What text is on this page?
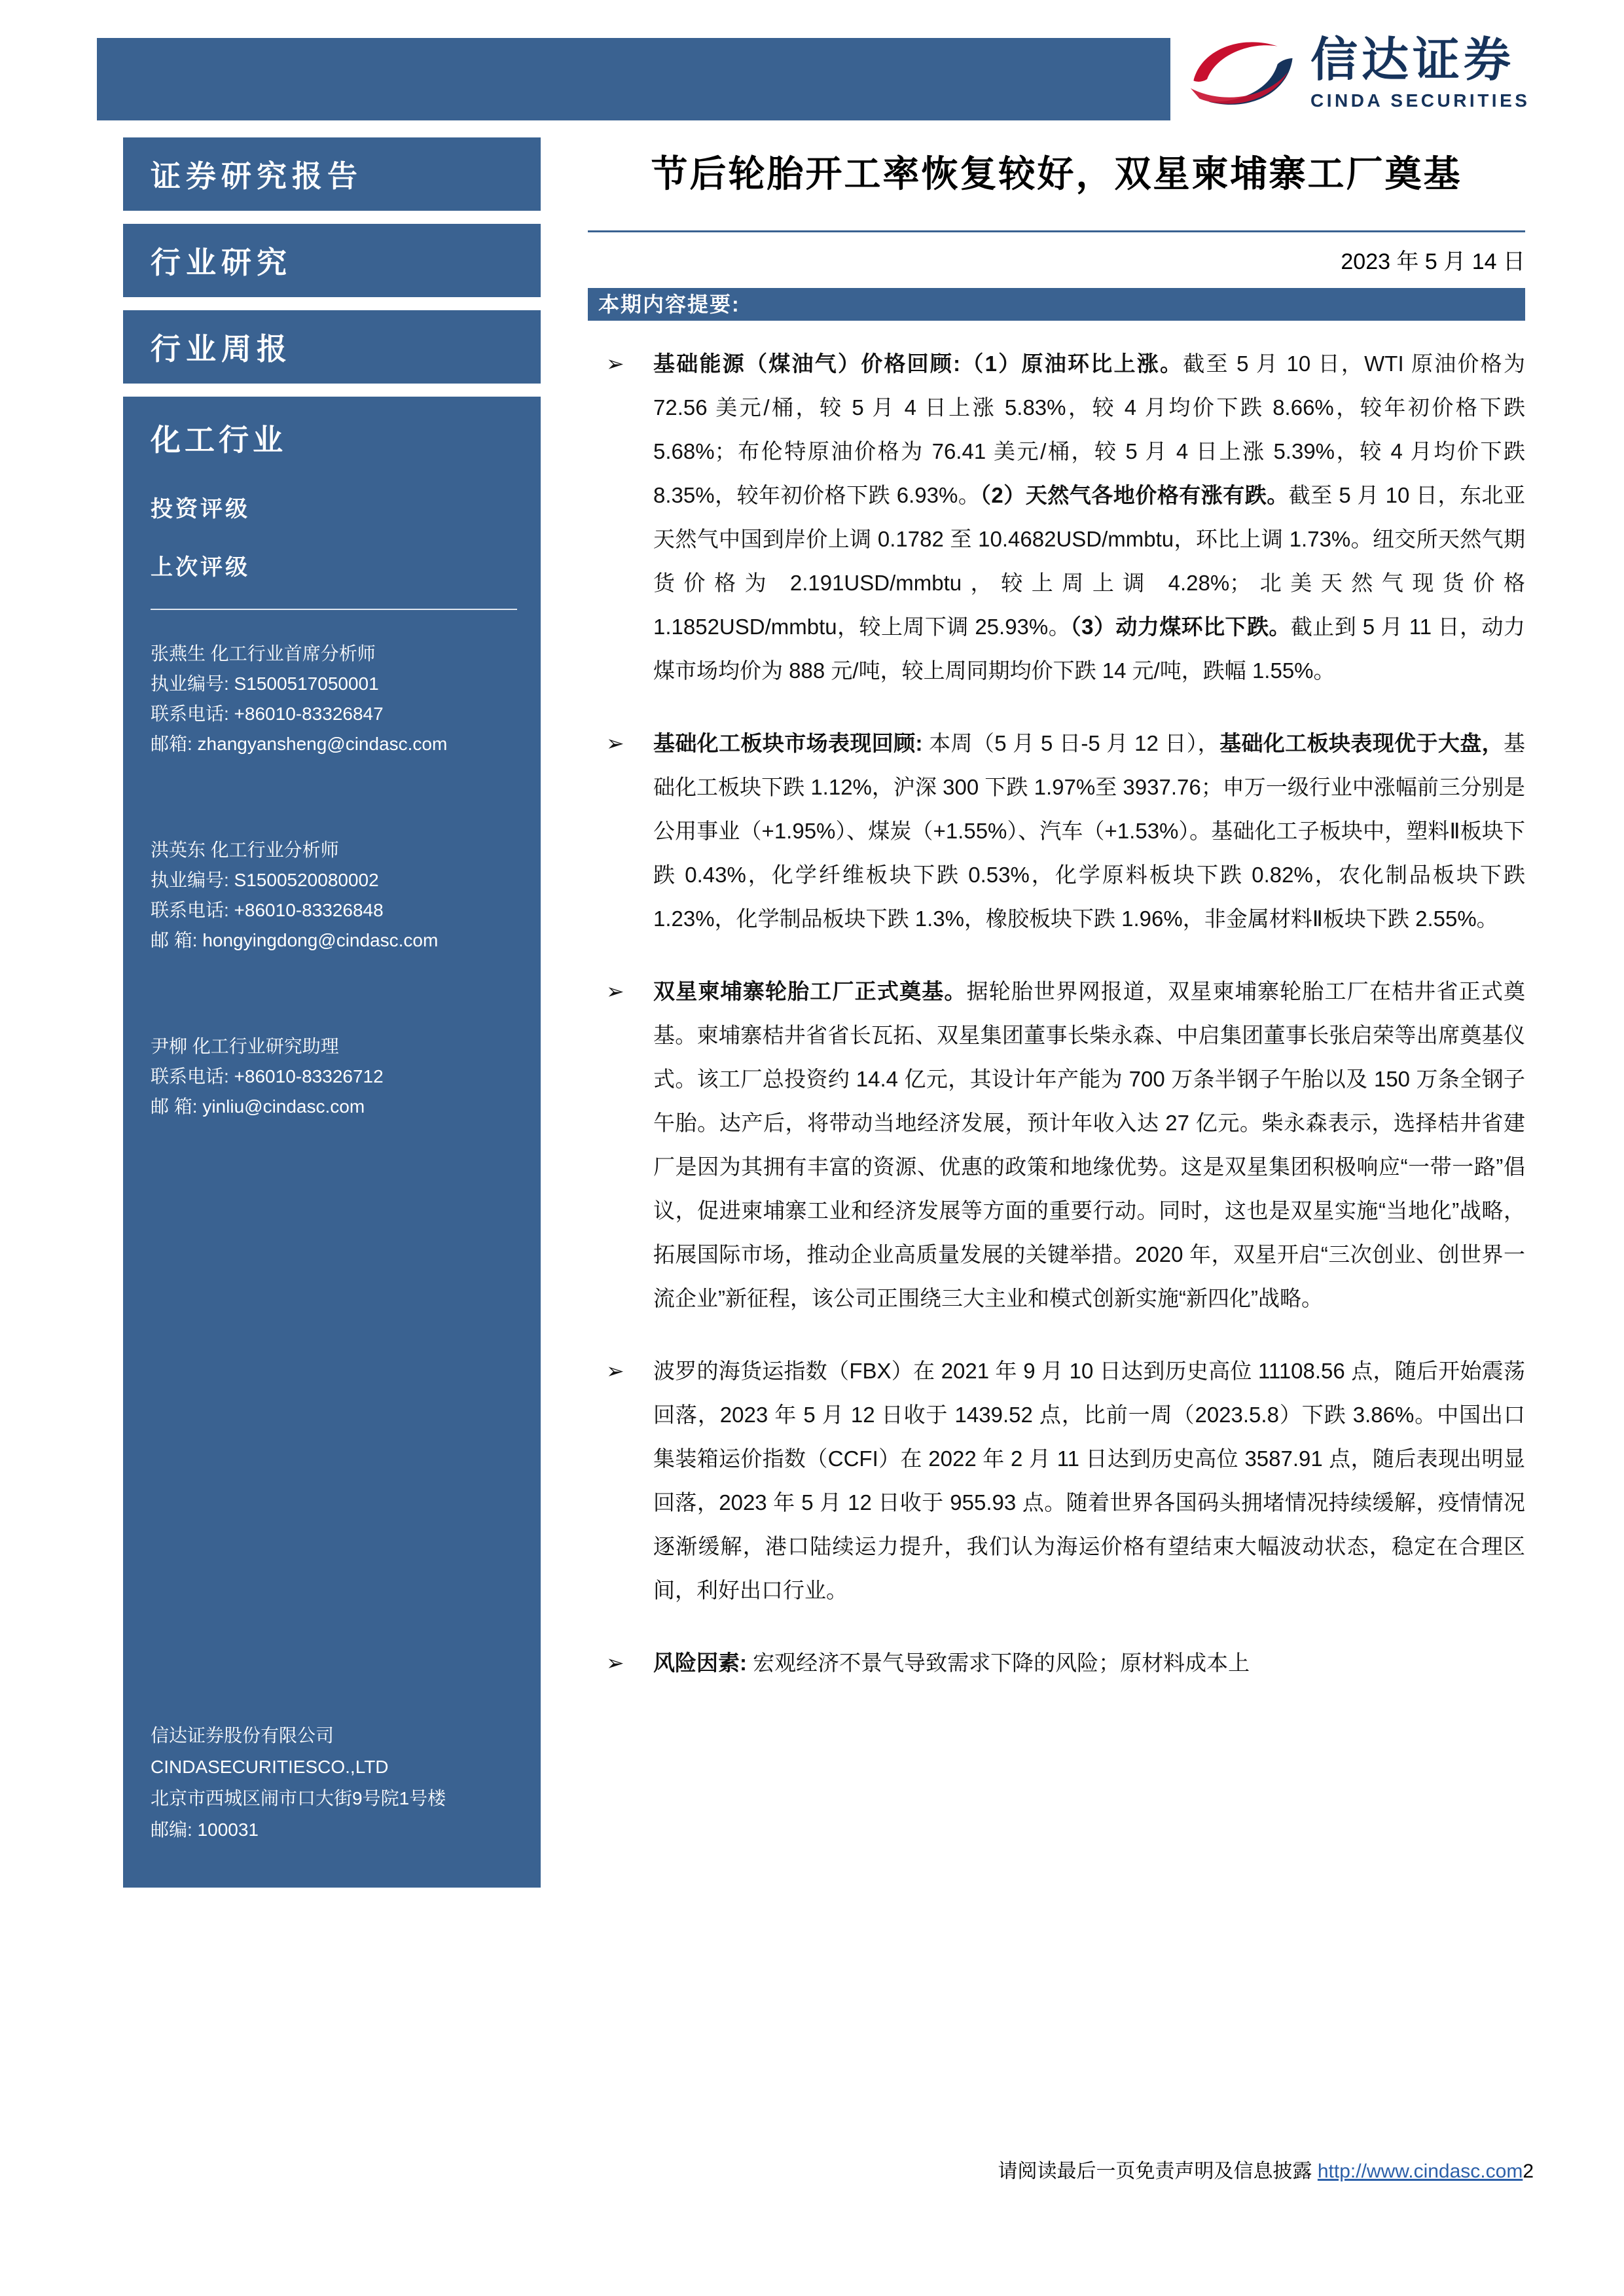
信达证券
CINDA SECURITIES
证券研究报告
行业研究
行业周报
化工行业
投资评级
上次评级
张燕生 化工行业首席分析师
执业编号: S1500517050001
联系电话: +86010-83326847
邮箱: zhangyansheng@cindasc.com
洪英东 化工行业分析师
执业编号: S1500520080002
联系电话: +86010-83326848
邮 箱: hongyingdong@cindasc.com
尹柳 化工行业研究助理
联系电话: +86010-83326712
邮 箱: yinliu@cindasc.com
信达证券股份有限公司
CINDASECURITIESCO.,LTD
北京市西城区闹市口大街9号院1号楼
邮编: 100031
节后轮胎开工率恢复较好，双星柬埔寨工厂奠基
2023 年 5 月 14 日
本期内容提要:
➢	基础能源（煤油气）价格回顾:（1）原油环比上涨。截至 5 月 10 日，WTI 原油价格为 72.56 美元/桶，较 5 月 4 日上涨 5.83%，较 4 月均价下跌 8.66%，较年初价格下跌 5.68%；布伦特原油价格为 76.41 美元/桶，较 5 月 4 日上涨 5.39%，较 4 月均价下跌 8.35%，较年初价格下跌 6.93%。（2）天然气各地价格有涨有跌。截至 5 月 10 日，东北亚天然气中国到岸价上调 0.1782 至 10.4682USD/mmbtu，环比上调 1.73%。纽交所天然气期货价格为 2.191USD/mmbtu，较上周上调 4.28%；北美天然气现货价格 1.1852USD/mmbtu，较上周下调 25.93%。（3）动力煤环比下跌。截止到 5 月 11 日，动力煤市场均价为 888 元/吨，较上周同期均价下跌 14 元/吨，跌幅 1.55%。
➢	基础化工板块市场表现回顾: 本周（5 月 5 日-5 月 12 日），基础化工板块表现优于大盘，基础化工板块下跌 1.12%，沪深 300 下跌 1.97%至 3937.76；申万一级行业中涨幅前三分别是公用事业（+1.95%）、煤炭（+1.55%）、汽车（+1.53%）。基础化工子板块中，塑料Ⅱ板块下跌 0.43%，化学纤维板块下跌 0.53%，化学原料板块下跌 0.82%，农化制品板块下跌 1.23%，化学制品板块下跌 1.3%，橡胶板块下跌 1.96%，非金属材料Ⅱ板块下跌 2.55%。
➢	双星柬埔寨轮胎工厂正式奠基。据轮胎世界网报道，双星柬埔寨轮胎工厂在桔井省正式奠基。柬埔寨桔井省省长瓦拓、双星集团董事长柴永森、中启集团董事长张启荣等出席奠基仪式。该工厂总投资约 14.4 亿元，其设计年产能为 700 万条半钢子午胎以及 150 万条全钢子午胎。达产后，将带动当地经济发展，预计年收入达 27 亿元。柴永森表示，选择桔井省建厂是因为其拥有丰富的资源、优惠的政策和地缘优势。这是双星集团积极响应“一带一路”倡议，促进柬埔寨工业和经济发展等方面的重要行动。同时，这也是双星实施“当地化”战略，拓展国际市场，推动企业高质量发展的关键举措。2020 年，双星开启“三次创业、创世界一流企业”新征程，该公司正围绕三大主业和模式创新实施“新四化”战略。
➢	波罗的海货运指数（FBX）在 2021 年 9 月 10 日达到历史高位 11108.56 点，随后开始震荡回落，2023 年 5 月 12 日收于 1439.52 点，比前一周（2023.5.8）下跌 3.86%。中国出口集装箱运价指数（CCFI）在 2022 年 2 月 11 日达到历史高位 3587.91 点，随后表现出明显回落，2023 年 5 月 12 日收于 955.93 点。随着世界各国码头拥堵情况持续缓解，疫情情况逐渐缓解，港口陆续运力提升，我们认为海运价格有望结束大幅波动状态，稳定在合理区间，利好出口行业。
➢	风险因素: 宏观经济不景气导致需求下降的风险；原材料成本上
请阅读最后一页免责声明及信息披露 http://www.cindasc.com2
